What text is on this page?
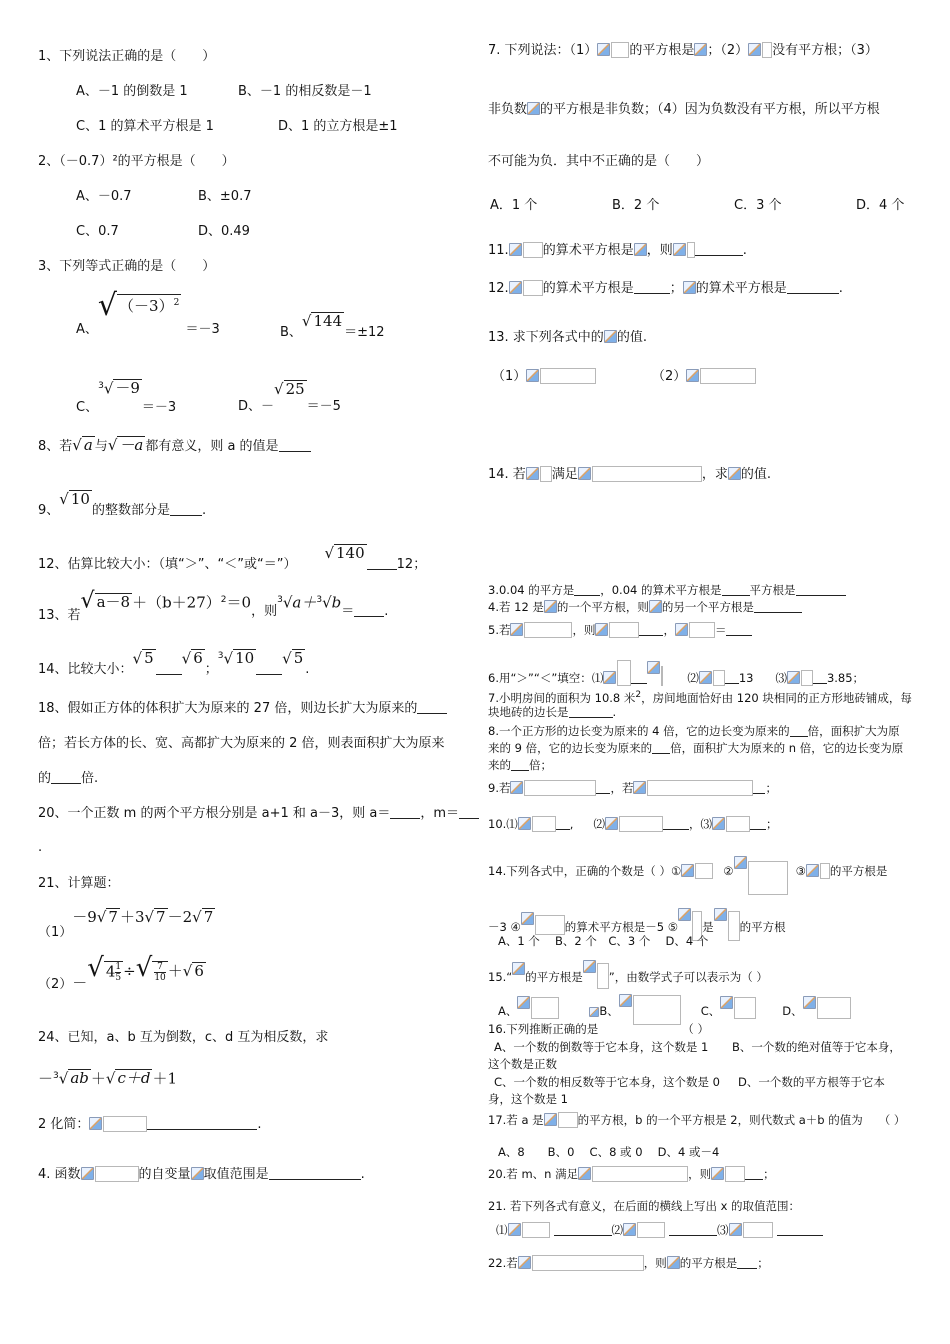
1、下列说法正确的是（　　）
A、－1 的倒数是 1	B、－1 的相反数是－1
C、1 的算术平方根是 1	D、1 的立方根是±1
2、（－0.7）²的平方根是（　　）
A、－0.7	B、±0.7
C、0.7	D、0.49
3、下列等式正确的是（　　）
A、√ $(-3)^2 =-3$	B、√ 144＝±12
C、$^3$√ －9＝－3	D、－√ 25＝－5
8、若√ a 与√ －a 都有意义，则 a 的值是
9、√ 10的整数部分是 .
12、估算比较大小：（填“＞”、“＜”或“＝”）√ 14012；
13、若√ $a-8 +(b+27)^2=0$，则$^3$√a＋$^3$√b＝ .
14、比较大小：√ 5 √ 6；$^3$√ 10 √ 5.
18、假如正方体的体积扩大为原来的 27 倍，则边长扩大为原来的
倍；若长方体的长、宽、高都扩大为原来的 2 倍，则表面积扩大为原来
的 倍.
20、一个正数 m 的两个平方根分别是 a+1 和 a－3，则 a＝ ，m＝
.
21、计算题：
（1）－9√ 7 ＋3√ 7 －2√ 7
（2）－√ $4 \frac{1}{5}$ ÷√ $\frac{7}{10}$ ＋√ 6
24、已知，a、b 互为倒数，c、d 互为相反数，求
－$^3$√ ab ＋√ c＋d ＋1
2 化简：	.
4. 函数	的自变量 取值范围是	.
7. 下列说法：（1） 的平方根是 ；（2） 没有平方根；（3）
非负数 的平方根是非负数；（4）因为负数没有平方根，所以平方根
不可能为负．其中不正确的是（　　）
A．1 个	B．2 个	C．3 个	D．4 个
11.	的算术平方根是 ，则	.
12.	的算术平方根是	； 的算术平方根是	.
13. 求下列各式中的 的值.
（1）	（2）
14. 若 满足	，求 的值.
3.0.04 的平方是 ，0.04 的算术平方根是 平方根是
4.若 12 是 的一个平方根，则 的另一个平方根是
5.若	，则	，	＝
6.用“＞”“＜”填空：⑴	⑵	13 ⑶	3.85；
7.小明房间的面积为 10.8 米$^2$，房间地面恰好由 120 块相同的正方形地砖铺成，每
块地砖的边长是	.
8.一个正方形的边长变为原来的 4 倍，它的边长变为原来的 倍，面积扩大为原
来的 9 倍，它的边长变为原来的 倍，面积扩大为原来的 n 倍，它的边长变为原
来的 倍；
9.若	，若	；
10.⑴	, ⑵	，⑶	；
14.下列各式中，正确的个数是（ ）①	②	③ 的平方根是
－3 ④	的算术平方根是－5 ⑤ 是 的平方根
A、1 个　 B、2 个　C、3 个　 D、4 个
15.“ 的平方根是 ”，由数学式子可以表示为（ ）
A、	B、	C、	D、
16.下列推断正确的是	（ ）
A、一个数的倒数等于它本身，这个数是 1 B、一个数的绝对值等于它本身，
这个数是正数
C、一个数的相反数等于它本身，这个数是 0 D、一个数的平方根等于它本
身，这个数是 1
17.若 a 是	的平方根，b 的一个平方根是 2，则代数式 a＋b 的值为 （ ）
A、8　　B、0　 C、8 或 0　 D、4 或－4
20.若 m、n 满足	，则	；
21. 若下列各式有意义，在后面的横线上写出 x 的取值范围：
⑴	⑵	⑶
22.若	，则 的平方根是 ；
